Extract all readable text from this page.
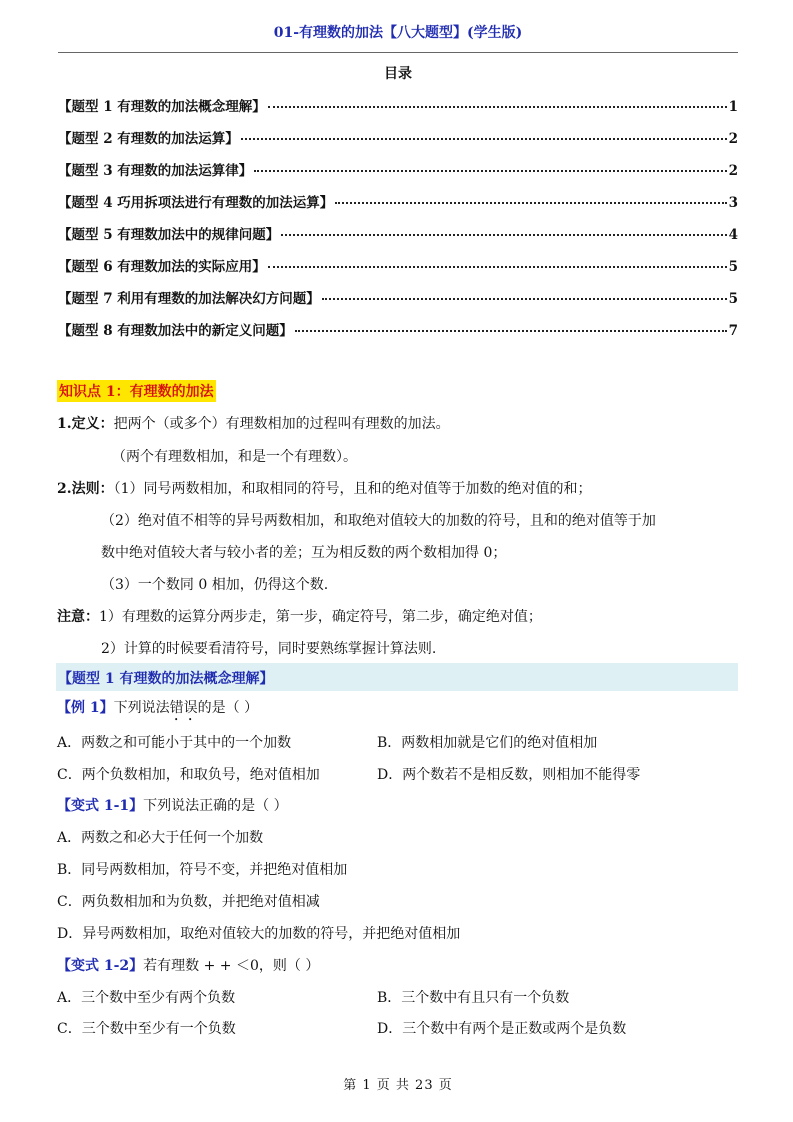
01-有理数的加法【八大题型】(学生版)
目录
【题型 1 有理数的加法概念理解】	1
【题型 2 有理数的加法运算】	2
【题型 3 有理数的加法运算律】	2
【题型 4 巧用拆项法进行有理数的加法运算】	3
【题型 5 有理数加法中的规律问题】	4
【题型 6 有理数加法的实际应用】	5
【题型 7 利用有理数的加法解决幻方问题】	5
【题型 8 有理数加法中的新定义问题】	7
知识点 1：有理数的加法
1.定义：把两个（或多个）有理数相加的过程叫有理数的加法。
（两个有理数相加，和是一个有理数）。
2.法则：（1）同号两数相加，和取相同的符号，且和的绝对值等于加数的绝对值的和；
（2）绝对值不相等的异号两数相加，和取绝对值较大的加数的符号，且和的绝对值等于加
数中绝对值较大者与较小者的差；互为相反数的两个数相加得 0；
（3）一个数同 0 相加，仍得这个数.
注意：1）有理数的运算分两步走，第一步，确定符号，第二步，确定绝对值；
2）计算的时候要看清符号，同时要熟练掌握计算法则.
【题型 1 有理数的加法概念理解】
【例 1】下列说法错误的是（ ）
A．两数之和可能小于其中的一个加数	B．两数相加就是它们的绝对值相加
C．两个负数相加，和取负号，绝对值相加	D．两个数若不是相反数，则相加不能得零
【变式 1-1】下列说法正确的是（ ）
A．两数之和必大于任何一个加数
B．同号两数相加，符号不变，并把绝对值相加
C．两负数相加和为负数，并把绝对值相减
D．异号两数相加，取绝对值较大的加数的符号，并把绝对值相加
【变式 1-2】若有理数 + + ＜0，则（ ）
A．三个数中至少有两个负数	B．三个数中有且只有一个负数
C．三个数中至少有一个负数	D．三个数中有两个是正数或两个是负数
第 1 页 共 23 页
